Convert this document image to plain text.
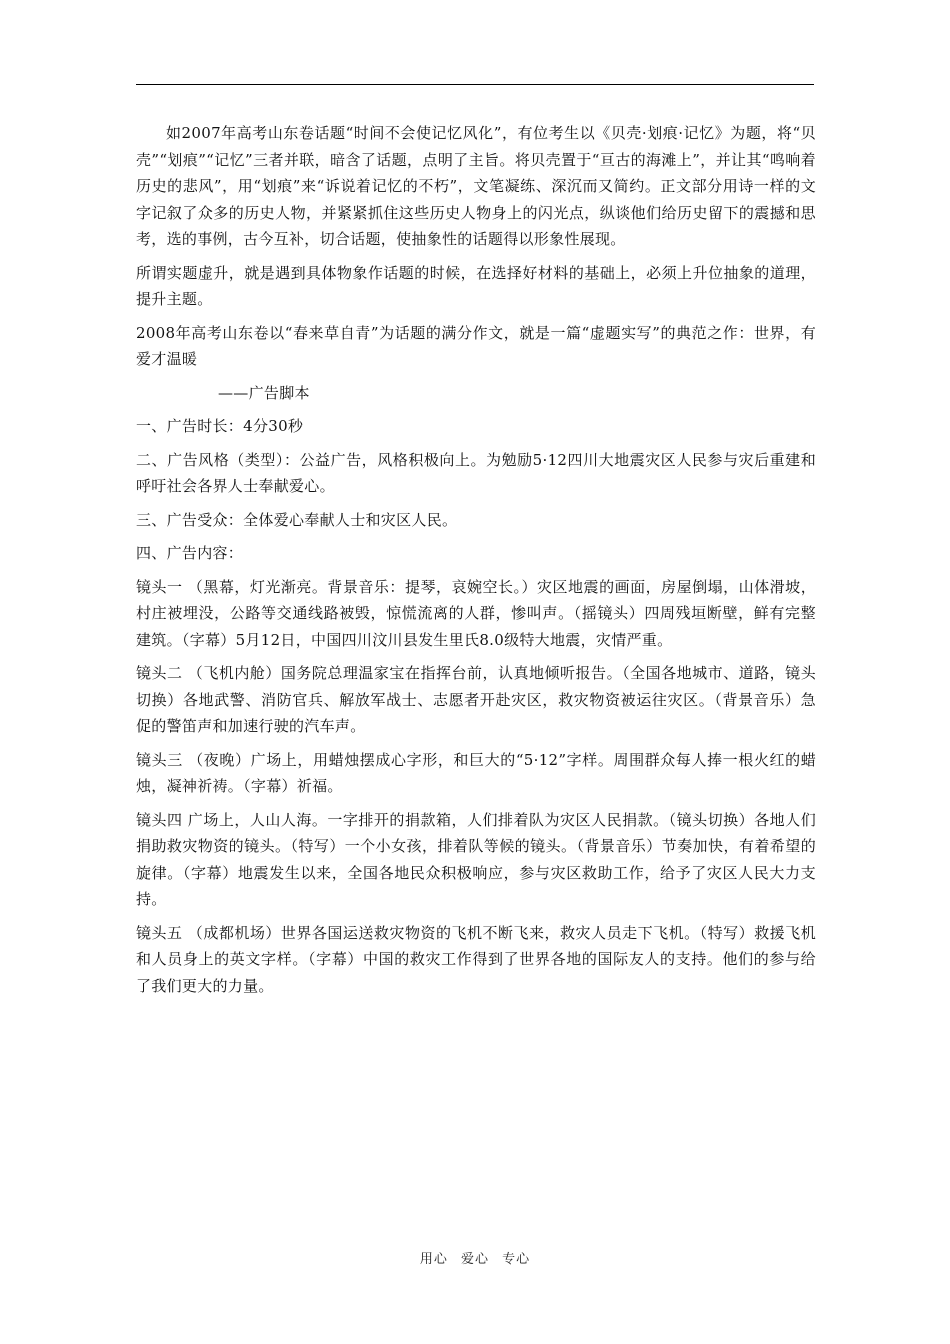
如2007年高考山东卷话题“时间不会使记忆风化”，有位考生以《贝壳·划痕·记忆》为题，将“贝壳”“划痕”“记忆”三者并联，暗含了话题，点明了主旨。将贝壳置于“亘古的海滩上”，并让其“鸣响着历史的悲风”，用“划痕”来“诉说着记忆的不朽”，文笔凝练、深沉而又简约。正文部分用诗一样的文字记叙了众多的历史人物，并紧紧抓住这些历史人物身上的闪光点，纵谈他们给历史留下的震撼和思考，选的事例，古今互补，切合话题，使抽象性的话题得以形象性展现。

所谓实题虚升，就是遇到具体物象作话题的时候，在选择好材料的基础上，必须上升位抽象的道理，提升主题。

2008年高考山东卷以“春来草自青”为话题的满分作文，就是一篇“虚题实写”的典范之作：世界，有爱才温暖

——广告脚本

一、广告时长：4分30秒

二、广告风格（类型）：公益广告，风格积极向上。为勉励5·12四川大地震灾区人民参与灾后重建和呼吁社会各界人士奉献爱心。

三、广告受众：全体爱心奉献人士和灾区人民。

四、广告内容：

镜头一 （黑幕，灯光渐亮。背景音乐：提琴，哀婉空长。）灾区地震的画面，房屋倒塌，山体滑坡，村庄被埋没，公路等交通线路被毁，惊慌流离的人群，惨叫声。（摇镜头）四周残垣断壁，鲜有完整建筑。（字幕）5月12日，中国四川汶川县发生里氏8.0级特大地震，灾情严重。

镜头二 （飞机内舱）国务院总理温家宝在指挥台前，认真地倾听报告。（全国各地城市、道路，镜头切换）各地武警、消防官兵、解放军战士、志愿者开赴灾区，救灾物资被运往灾区。（背景音乐）急促的警笛声和加速行驶的汽车声。

镜头三 （夜晚）广场上，用蜡烛摆成心字形，和巨大的“5·12”字样。周围群众每人捧一根火红的蜡烛，凝神祈祷。（字幕）祈福。

镜头四 广场上，人山人海。一字排开的捐款箱，人们排着队为灾区人民捐款。（镜头切换）各地人们捐助救灾物资的镜头。（特写）一个小女孩，排着队等候的镜头。（背景音乐）节奏加快，有着希望的旋律。（字幕）地震发生以来，全国各地民众积极响应，参与灾区救助工作，给予了灾区人民大力支持。

镜头五 （成都机场）世界各国运送救灾物资的飞机不断飞来，救灾人员走下飞机。（特写）救援飞机和人员身上的英文字样。（字幕）中国的救灾工作得到了世界各地的国际友人的支持。他们的参与给了我们更大的力量。

用心 爱心 专心
